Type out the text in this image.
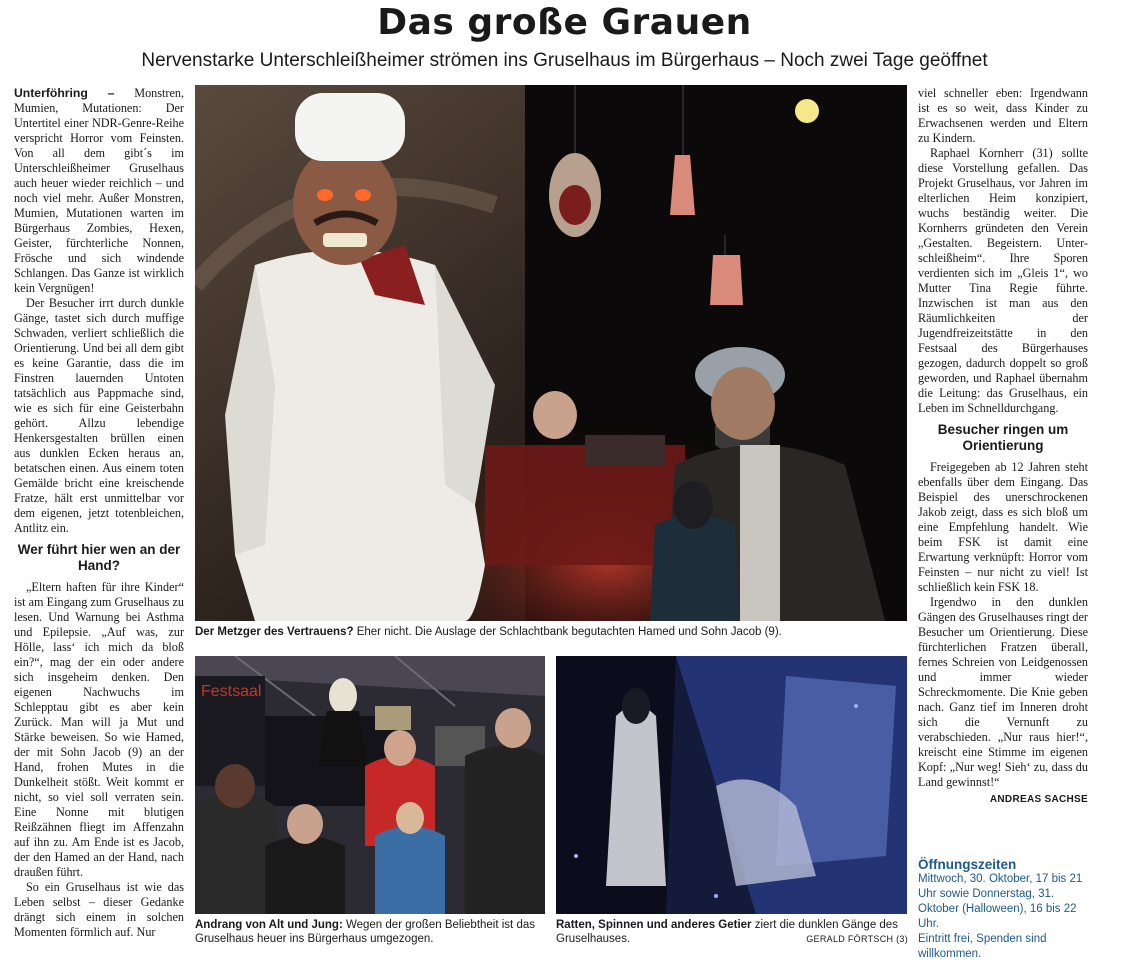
Das große Grauen
Nervenstarke Unterschleißheimer strömen ins Gruselhaus im Bürgerhaus – Noch zwei Tage geöffnet

Unterföhring – Monstren, Mumien, Mutationen: Der Untertitel einer NDR-Genre-Reihe verspricht Horror vom Feinsten. Von all dem gibt´s im Unterschleißheimer Gruselhaus auch heuer wieder reichlich – und noch viel mehr. Außer Monstren, Mumien, Mutationen warten im Bürgerhaus Zombies, Hexen, Geister, fürchterliche Nonnen, Frösche und sich windende Schlangen. Das Ganze ist wirklich kein Vergnügen!

Der Besucher irrt durch dunkle Gänge, tastet sich durch muffige Schwaden, verliert schließlich die Orientierung. Und bei all dem gibt es keine Garantie, dass die im Finstren lauernden Untoten tatsächlich aus Pappmache sind, wie es sich für eine Geisterbahn gehört. Allzu lebendige Henkersgestalten brüllen einen aus dunklen Ecken heraus an, betatschen einen. Aus einem toten Gemälde bricht eine kreischende Fratze, hält erst unmittelbar vor dem eigenen, jetzt totenbleichen, Antlitz ein.

Wer führt hier wen an der Hand?

„Eltern haften für ihre Kinder“ ist am Eingang zum Gruselhaus zu lesen. Und Warnung bei Asthma und Epilepsie. „Auf was, zur Hölle, lass‘ ich mich da bloß ein?“, mag der ein oder andere sich insgeheim denken. Den eigenen Nachwuchs im Schlepptau gibt es aber kein Zurück. Man will ja Mut und Stärke beweisen. So wie Hamed, der mit Sohn Jacob (9) an der Hand, frohen Mutes in die Dunkelheit stößt. Weit kommt er nicht, so viel soll verraten sein. Eine Nonne mit blutigen Reißzähnen fliegt im Affenzahn auf ihn zu. Am Ende ist es Jacob, der den Hamed an der Hand, nach draußen führt.

So ein Gruselhaus ist wie das Leben selbst – dieser Gedanke drängt sich einem in solchen Momenten förmlich auf. Nur

Der Metzger des Vertrauens? Eher nicht. Die Auslage der Schlachtbank begutachten Hamed und Sohn Jacob (9).
Festsaal
Andrang von Alt und Jung: Wegen der großen Beliebtheit ist das Gruselhaus heuer ins Bürgerhaus umgezogen.
Ratten, Spinnen und anderes Getier ziert die dunklen Gänge des Gruselhauses.	GERALD FÖRTSCH (3)

viel schneller eben: Irgendwann ist es so weit, dass Kinder zu Erwachsenen werden und Eltern zu Kindern.

Raphael Kornherr (31) sollte diese Vorstellung gefallen. Das Projekt Gruselhaus, vor Jahren im elterlichen Heim konzipiert, wuchs beständig weiter. Die Kornherrs gründeten den Verein „Gestalten. Begeistern. Unter-schleißheim“. Ihre Sporen verdienten sich im „Gleis 1“, wo Mutter Tina Regie führte. Inzwischen ist man aus den Räumlichkeiten der Jugendfreizeitstätte in den Festsaal des Bürgerhauses gezogen, dadurch doppelt so groß geworden, und Raphael übernahm die Leitung: das Gruselhaus, ein Leben im Schnelldurchgang.

Besucher ringen um Orientierung

Freigegeben ab 12 Jahren steht ebenfalls über dem Eingang. Das Beispiel des unerschrockenen Jakob zeigt, dass es sich bloß um eine Empfehlung handelt. Wie beim FSK ist damit eine Erwartung verknüpft: Horror vom Feinsten – nur nicht zu viel! Ist schließlich kein FSK 18.

Irgendwo in den dunklen Gängen des Gruselhauses ringt der Besucher um Orientierung. Diese fürchterlichen Fratzen überall, fernes Schreien von Leidgenossen und immer wieder Schreckmomente. Die Knie geben nach. Ganz tief im Inneren droht sich die Vernunft zu verabschieden. „Nur raus hier!“, kreischt eine Stimme im eigenen Kopf: „Nur weg! Sieh‘ zu, dass du Land gewinnst!“

ANDREAS SACHSE
Öffnungszeiten
Mittwoch, 30. Oktober, 17 bis 21 Uhr sowie Donnerstag, 31. Oktober (Halloween), 16 bis 22 Uhr.
Eintritt frei, Spenden sind willkommen.
